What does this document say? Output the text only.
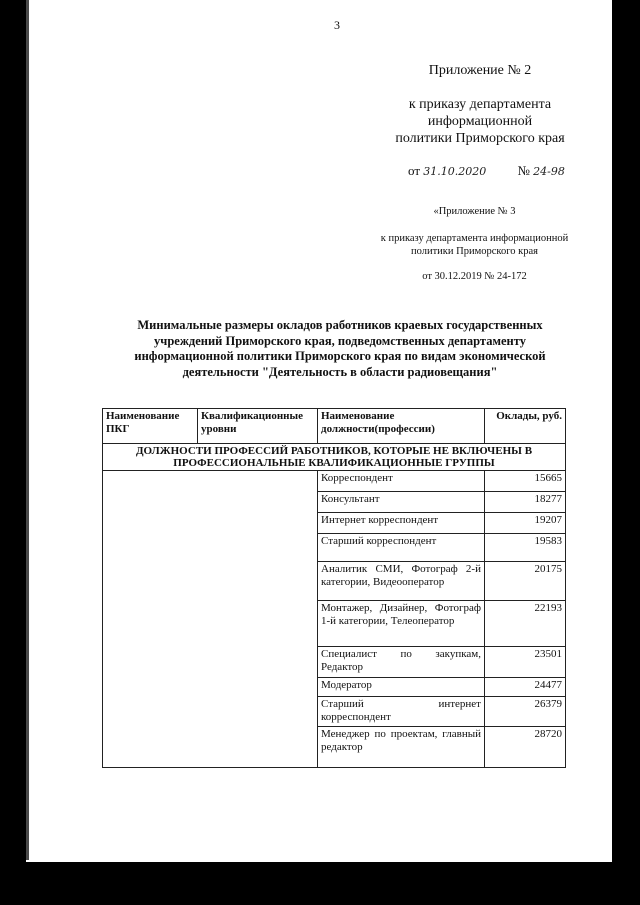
3
Приложение № 2
к приказу департамента
информационной
политики Приморского края
от 31.10.2020 № 24-98
«Приложение № 3
к приказу департамента информационной
политики Приморского края
от 30.12.2019 № 24-172
Минимальные размеры окладов работников краевых государственных учреждений Приморского края, подведомственных департаменту информационной политики Приморского края по видам экономической деятельности "Деятельность в области радиовещания"
Наименование ПКГ	Квалификационные уровни	Наименование должности(профессии)	Оклады, руб.
ДОЛЖНОСТИ ПРОФЕССИЙ РАБОТНИКОВ, КОТОРЫЕ НЕ ВКЛЮЧЕНЫ В ПРОФЕССИОНАЛЬНЫЕ КВАЛИФИКАЦИОННЫЕ ГРУППЫ			
		Корреспондент	15665
		Консультант	18277
		Интернет корреспондент	19207
		Старший корреспондент	19583
		Аналитик СМИ, Фотограф 2-й категории, Видеооператор	20175
		Монтажер, Дизайнер, Фотограф 1-й категории, Телеоператор	22193
		Специалист по закупкам, Редактор	23501
		Модератор	24477
		Старший интернет корреспондент	26379
		Менеджер по проектам, главный редактор	28720
